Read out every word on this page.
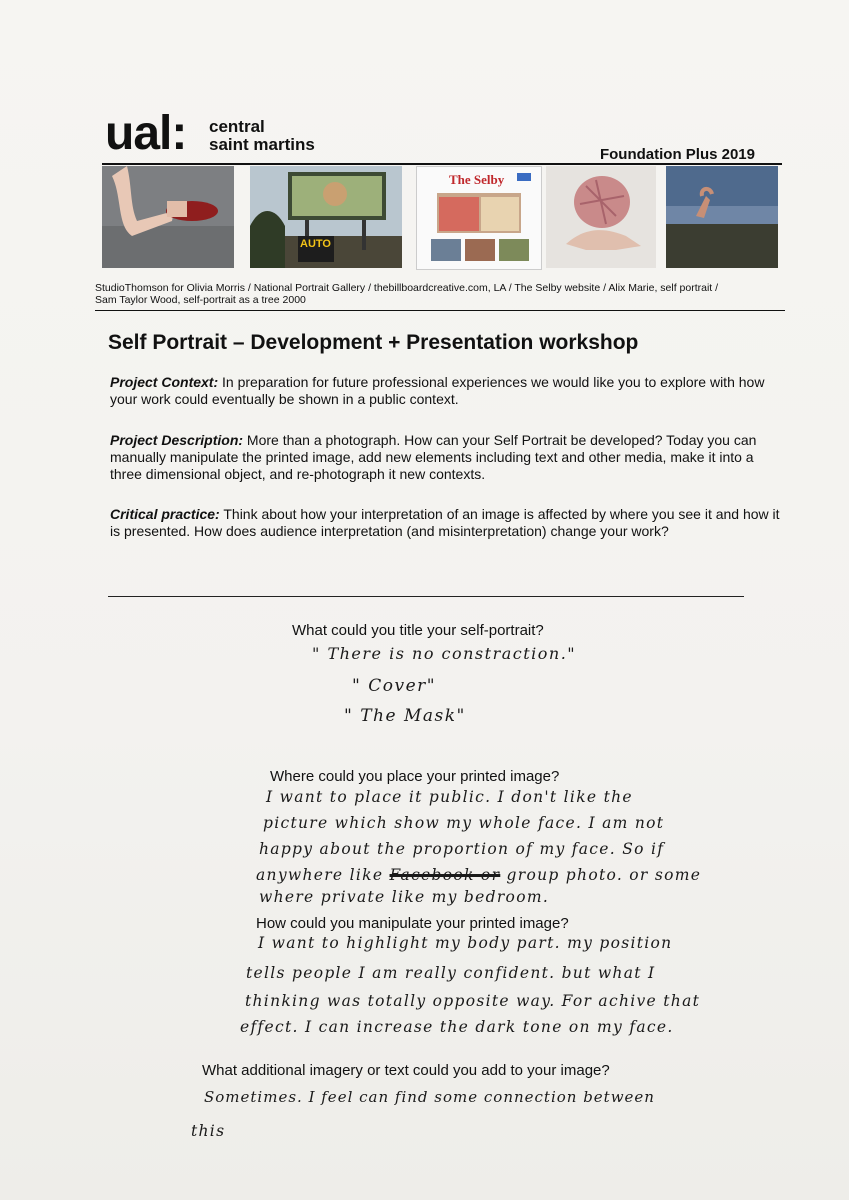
ual: central
saint martins
Foundation Plus 2019
AUTO
The Selby
StudioThomson for Olivia Morris / National Portrait Gallery / thebillboardcreative.com, LA / The Selby website / Alix Marie, self portrait /
Sam Taylor Wood, self-portrait as a tree 2000
Self Portrait – Development + Presentation workshop
Project Context: In preparation for future professional experiences we would like you to explore with how your work could eventually be shown in a public context.
Project Description: More than a photograph. How can your Self Portrait be developed? Today you can manually manipulate the printed image, add new elements including text and other media, make it into a three dimensional object, and re-photograph it new contexts.
Critical practice: Think about how your interpretation of an image is affected by where you see it and how it is presented. How does audience interpretation (and misinterpretation) change your work?
What could you title your self-portrait?
" There is no constraction."
" Cover"
" The Mask"
Where could you place your printed image?
I want to place it public. I don't like the
picture which show my whole face. I am not
happy about the proportion of my face. So if
anywhere like Facebook or group photo. or some
where private like my bedroom.
How could you manipulate your printed image?
I want to highlight my body part. my position
tells people I am really confident. but what I
thinking was totally opposite way. For achive that
effect. I can increase the dark tone on my face.
What additional imagery or text could you add to your image?
Sometimes. I feel can find some connection between
this
